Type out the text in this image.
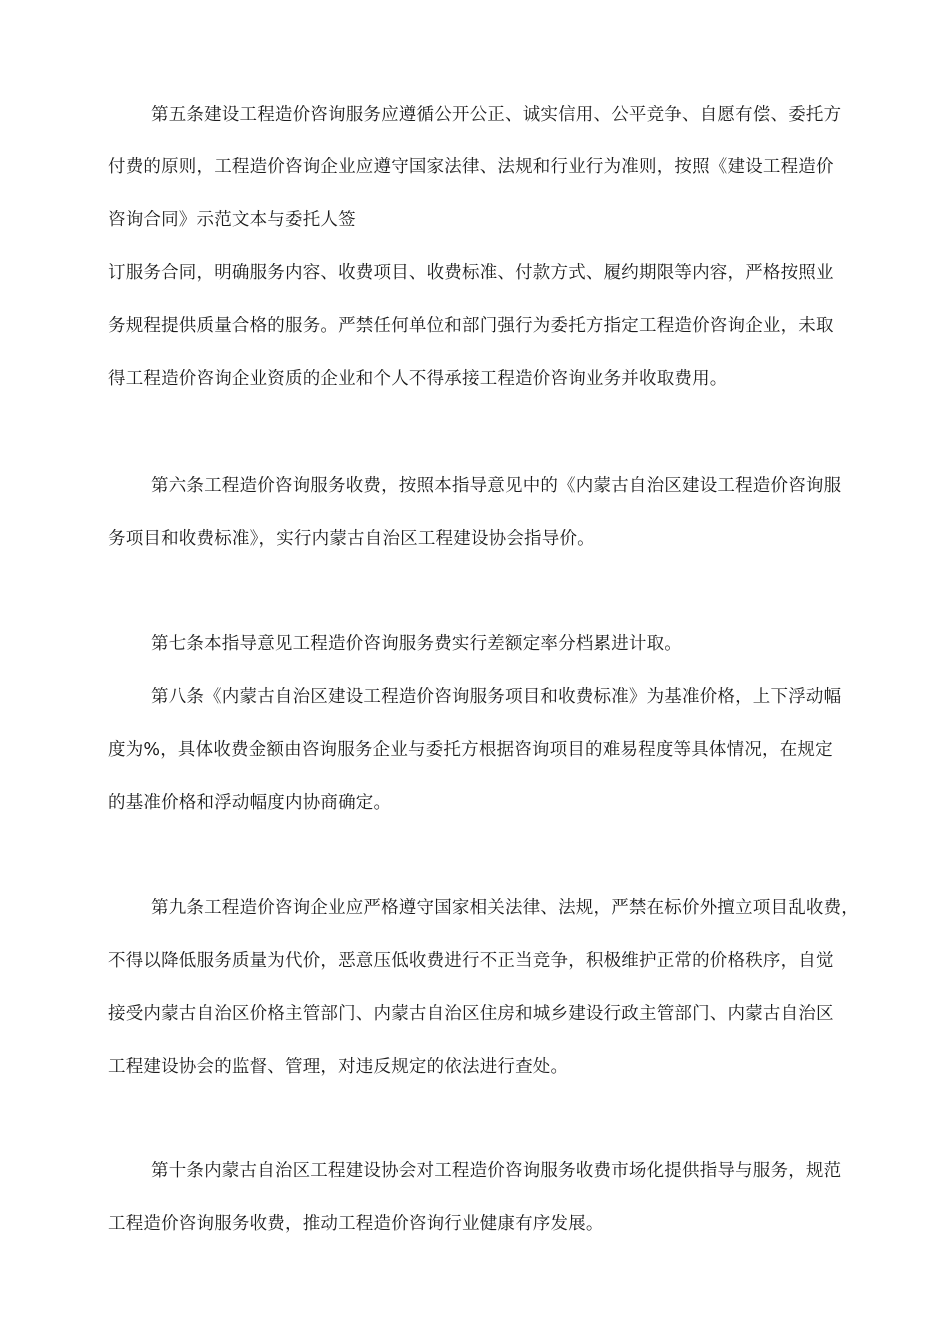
第五条建设工程造价咨询服务应遵循公开公正、诚实信用、公平竞争、自愿有偿、委托方
付费的原则，工程造价咨询企业应遵守国家法律、法规和行业行为准则，按照《建设工程造价
咨询合同》示范文本与委托人签
订服务合同，明确服务内容、收费项目、收费标准、付款方式、履约期限等内容，严格按照业
务规程提供质量合格的服务。严禁任何单位和部门强行为委托方指定工程造价咨询企业，未取
得工程造价咨询企业资质的企业和个人不得承接工程造价咨询业务并收取费用。
第六条工程造价咨询服务收费，按照本指导意见中的《内蒙古自治区建设工程造价咨询服
务项目和收费标准》，实行内蒙古自治区工程建设协会指导价。
第七条本指导意见工程造价咨询服务费实行差额定率分档累进计取。
第八条《内蒙古自治区建设工程造价咨询服务项目和收费标准》为基准价格，上下浮动幅
度为%，具体收费金额由咨询服务企业与委托方根据咨询项目的难易程度等具体情况，在规定
的基准价格和浮动幅度内协商确定。
第九条工程造价咨询企业应严格遵守国家相关法律、法规，严禁在标价外擅立项目乱收费，
不得以降低服务质量为代价，恶意压低收费进行不正当竞争，积极维护正常的价格秩序，自觉
接受内蒙古自治区价格主管部门、内蒙古自治区住房和城乡建设行政主管部门、内蒙古自治区
工程建设协会的监督、管理，对违反规定的依法进行查处。
第十条内蒙古自治区工程建设协会对工程造价咨询服务收费市场化提供指导与服务，规范
工程造价咨询服务收费，推动工程造价咨询行业健康有序发展。
